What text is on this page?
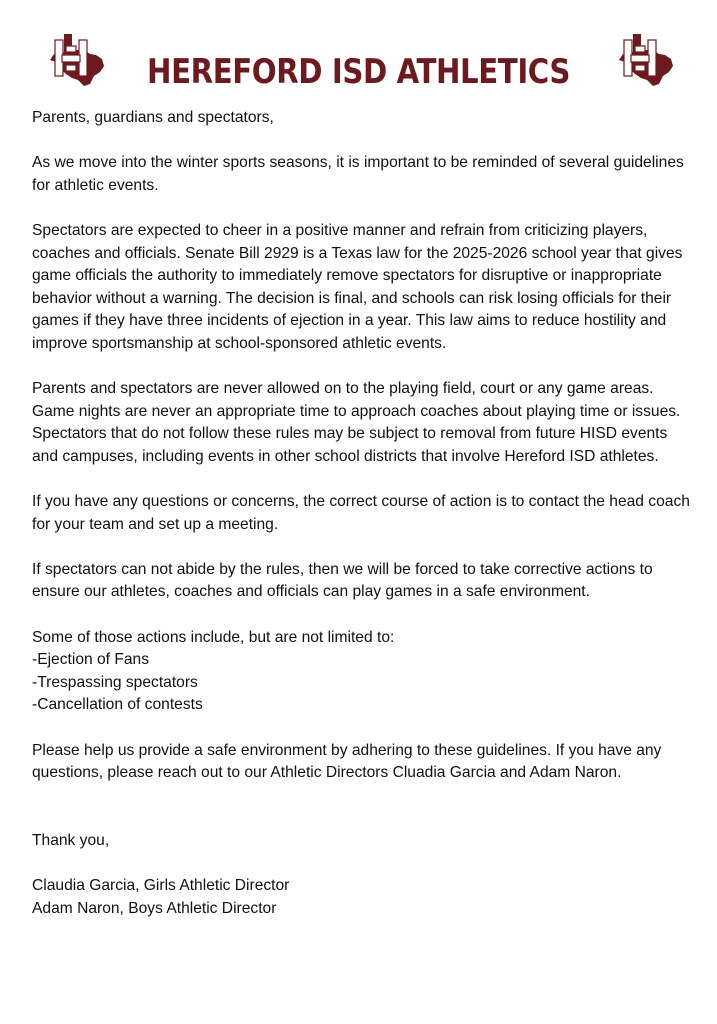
HEREFORD ISD ATHLETICS

Parents, guardians and spectators,

As we move into the winter sports seasons, it is important to be reminded of several guidelines for athletic events.

Spectators are expected to cheer in a positive manner and refrain from criticizing players, coaches and officials. Senate Bill 2929 is a Texas law for the 2025-2026 school year that gives game officials the authority to immediately remove spectators for disruptive or inappropriate behavior without a warning. The decision is final, and schools can risk losing officials for their games if they have three incidents of ejection in a year. This law aims to reduce hostility and improve sportsmanship at school-sponsored athletic events.

Parents and spectators are never allowed on to the playing field, court or any game areas. Game nights are never an appropriate time to approach coaches about playing time or issues. Spectators that do not follow these rules may be subject to removal from future HISD events and campuses, including events in other school districts that involve Hereford ISD athletes.

If you have any questions or concerns, the correct course of action is to contact the head coach for your team and set up a meeting.

If spectators can not abide by the rules, then we will be forced to take corrective actions to ensure our athletes, coaches and officials can play games in a safe environment.

Some of those actions include, but are not limited to:
-Ejection of Fans
-Trespassing spectators
-Cancellation of contests

Please help us provide a safe environment by adhering to these guidelines. If you have any questions, please reach out to our Athletic Directors Cluadia Garcia and Adam Naron.

Thank you,

Claudia Garcia, Girls Athletic Director
Adam Naron, Boys Athletic Director
